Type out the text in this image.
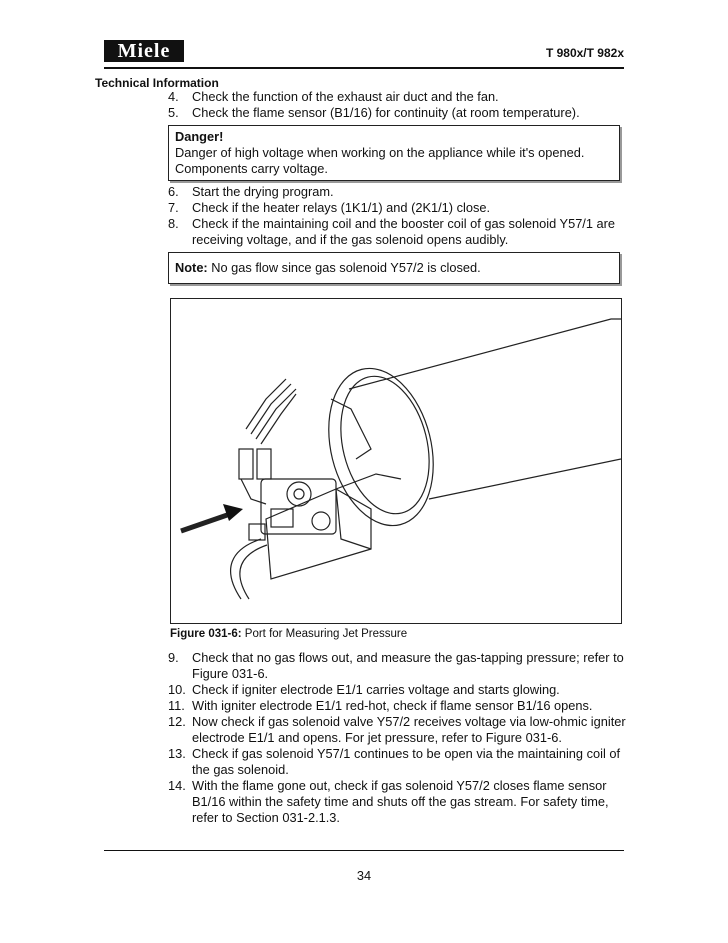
Miele	T 980x/T 982x
Technical Information
4.	Check the function of the exhaust air duct and the fan.
5.	Check the flame sensor (B1/16) for continuity (at room temperature).
Danger!
Danger of high voltage when working on the appliance while it's opened.
Components carry voltage.
6.	Start the drying program.
7.	Check if the heater relays (1K1/1) and (2K1/1) close.
8.	Check if the maintaining coil and the booster coil of gas solenoid Y57/1 are receiving voltage, and if the gas solenoid opens audibly.
Note: No gas flow since gas solenoid Y57/2 is closed.
Figure 031-6: Port for Measuring Jet Pressure
9.	Check that no gas flows out, and measure the gas-tapping pressure; refer to Figure 031-6.
10. Check if igniter electrode E1/1 carries voltage and starts glowing.
11. With igniter electrode E1/1 red-hot, check if flame sensor B1/16 opens.
12. Now check if gas solenoid valve Y57/2 receives voltage via low-ohmic igniter electrode E1/1 and opens. For jet pressure, refer to Figure 031-6.
13. Check if gas solenoid Y57/1 continues to be open via the maintaining coil of the gas solenoid.
14. With the flame gone out, check if gas solenoid Y57/2 closes flame sensor B1/16 within the safety time and shuts off the gas stream. For safety time, refer to Section 031-2.1.3.
34
